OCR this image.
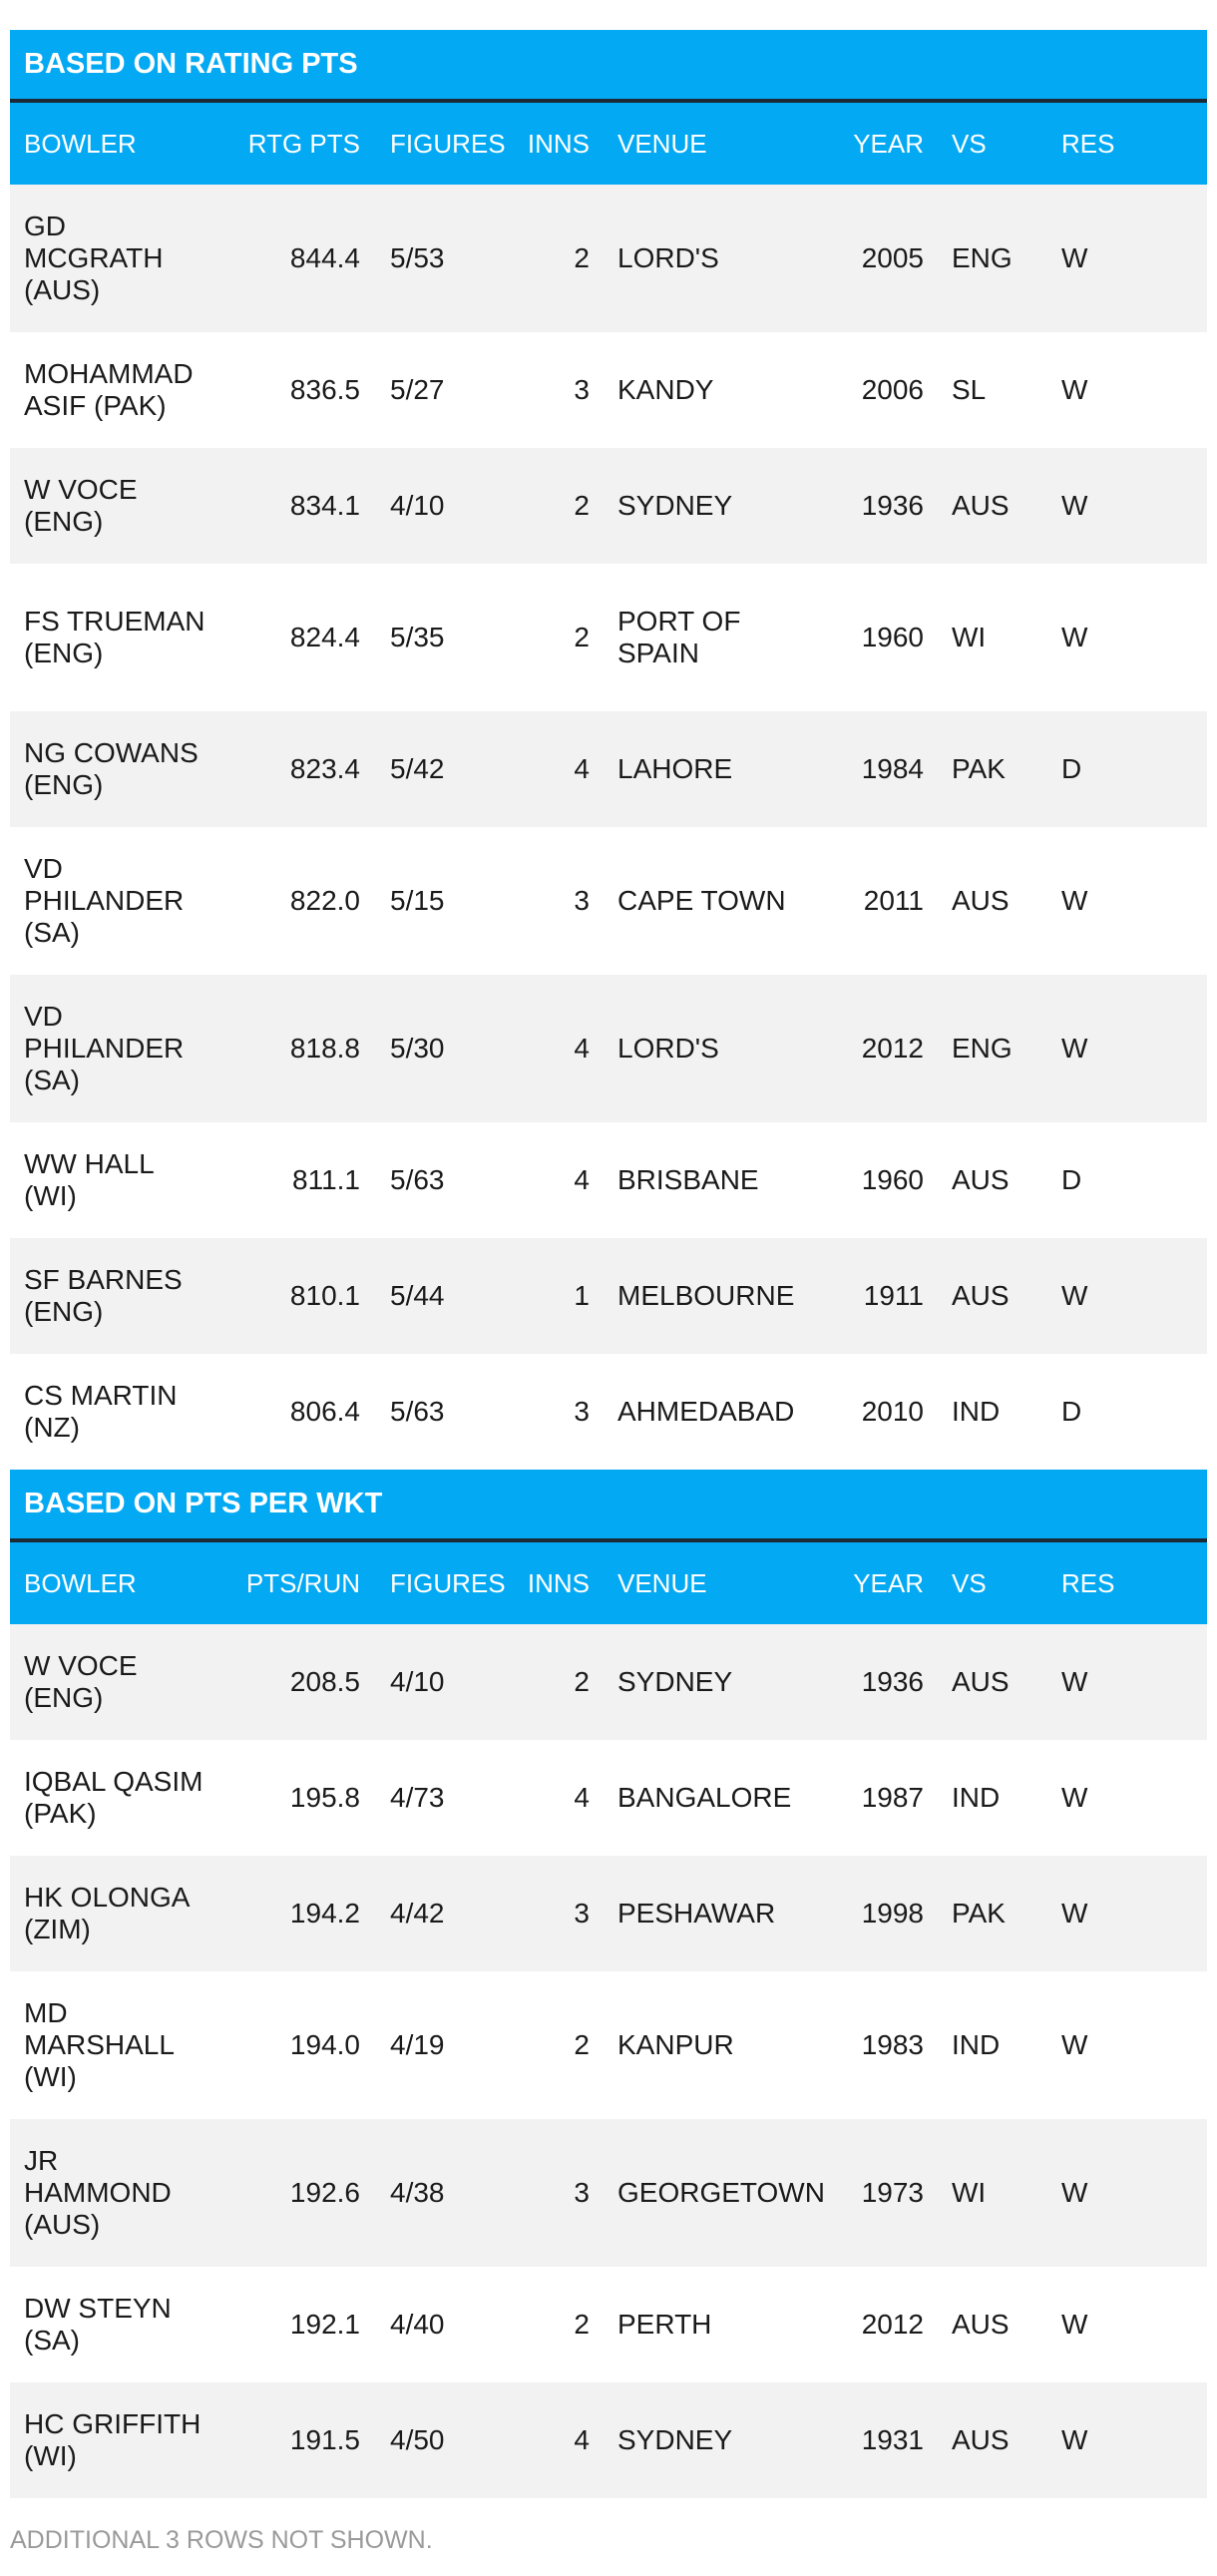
BASED ON RATING PTS							
BOWLER	RTG PTS	FIGURES	INNS	VENUE	YEAR	VS	RES
GD MCGRATH (AUS)	844.4	5/53	2	LORD'S	2005	ENG	W
MOHAMMAD ASIF (PAK)	836.5	5/27	3	KANDY	2006	SL	W
W VOCE (ENG)	834.1	4/10	2	SYDNEY	1936	AUS	W
FS TRUEMAN (ENG)	824.4	5/35	2	PORT OF SPAIN	1960	WI	W
NG COWANS (ENG)	823.4	5/42	4	LAHORE	1984	PAK	D
VD PHILANDER (SA)	822.0	5/15	3	CAPE TOWN	2011	AUS	W
VD PHILANDER (SA)	818.8	5/30	4	LORD'S	2012	ENG	W
WW HALL (WI)	811.1	5/63	4	BRISBANE	1960	AUS	D
SF BARNES (ENG)	810.1	5/44	1	MELBOURNE	1911	AUS	W
CS MARTIN (NZ)	806.4	5/63	3	AHMEDABAD	2010	IND	D
BASED ON PTS PER WKT							
BOWLER	PTS/RUN	FIGURES	INNS	VENUE	YEAR	VS	RES
W VOCE (ENG)	208.5	4/10	2	SYDNEY	1936	AUS	W
IQBAL QASIM (PAK)	195.8	4/73	4	BANGALORE	1987	IND	W
HK OLONGA (ZIM)	194.2	4/42	3	PESHAWAR	1998	PAK	W
MD MARSHALL (WI)	194.0	4/19	2	KANPUR	1983	IND	W
JR HAMMOND (AUS)	192.6	4/38	3	GEORGETOWN	1973	WI	W
DW STEYN (SA)	192.1	4/40	2	PERTH	2012	AUS	W
HC GRIFFITH (WI)	191.5	4/50	4	SYDNEY	1931	AUS	W
ADDITIONAL 3 ROWS NOT SHOWN.
